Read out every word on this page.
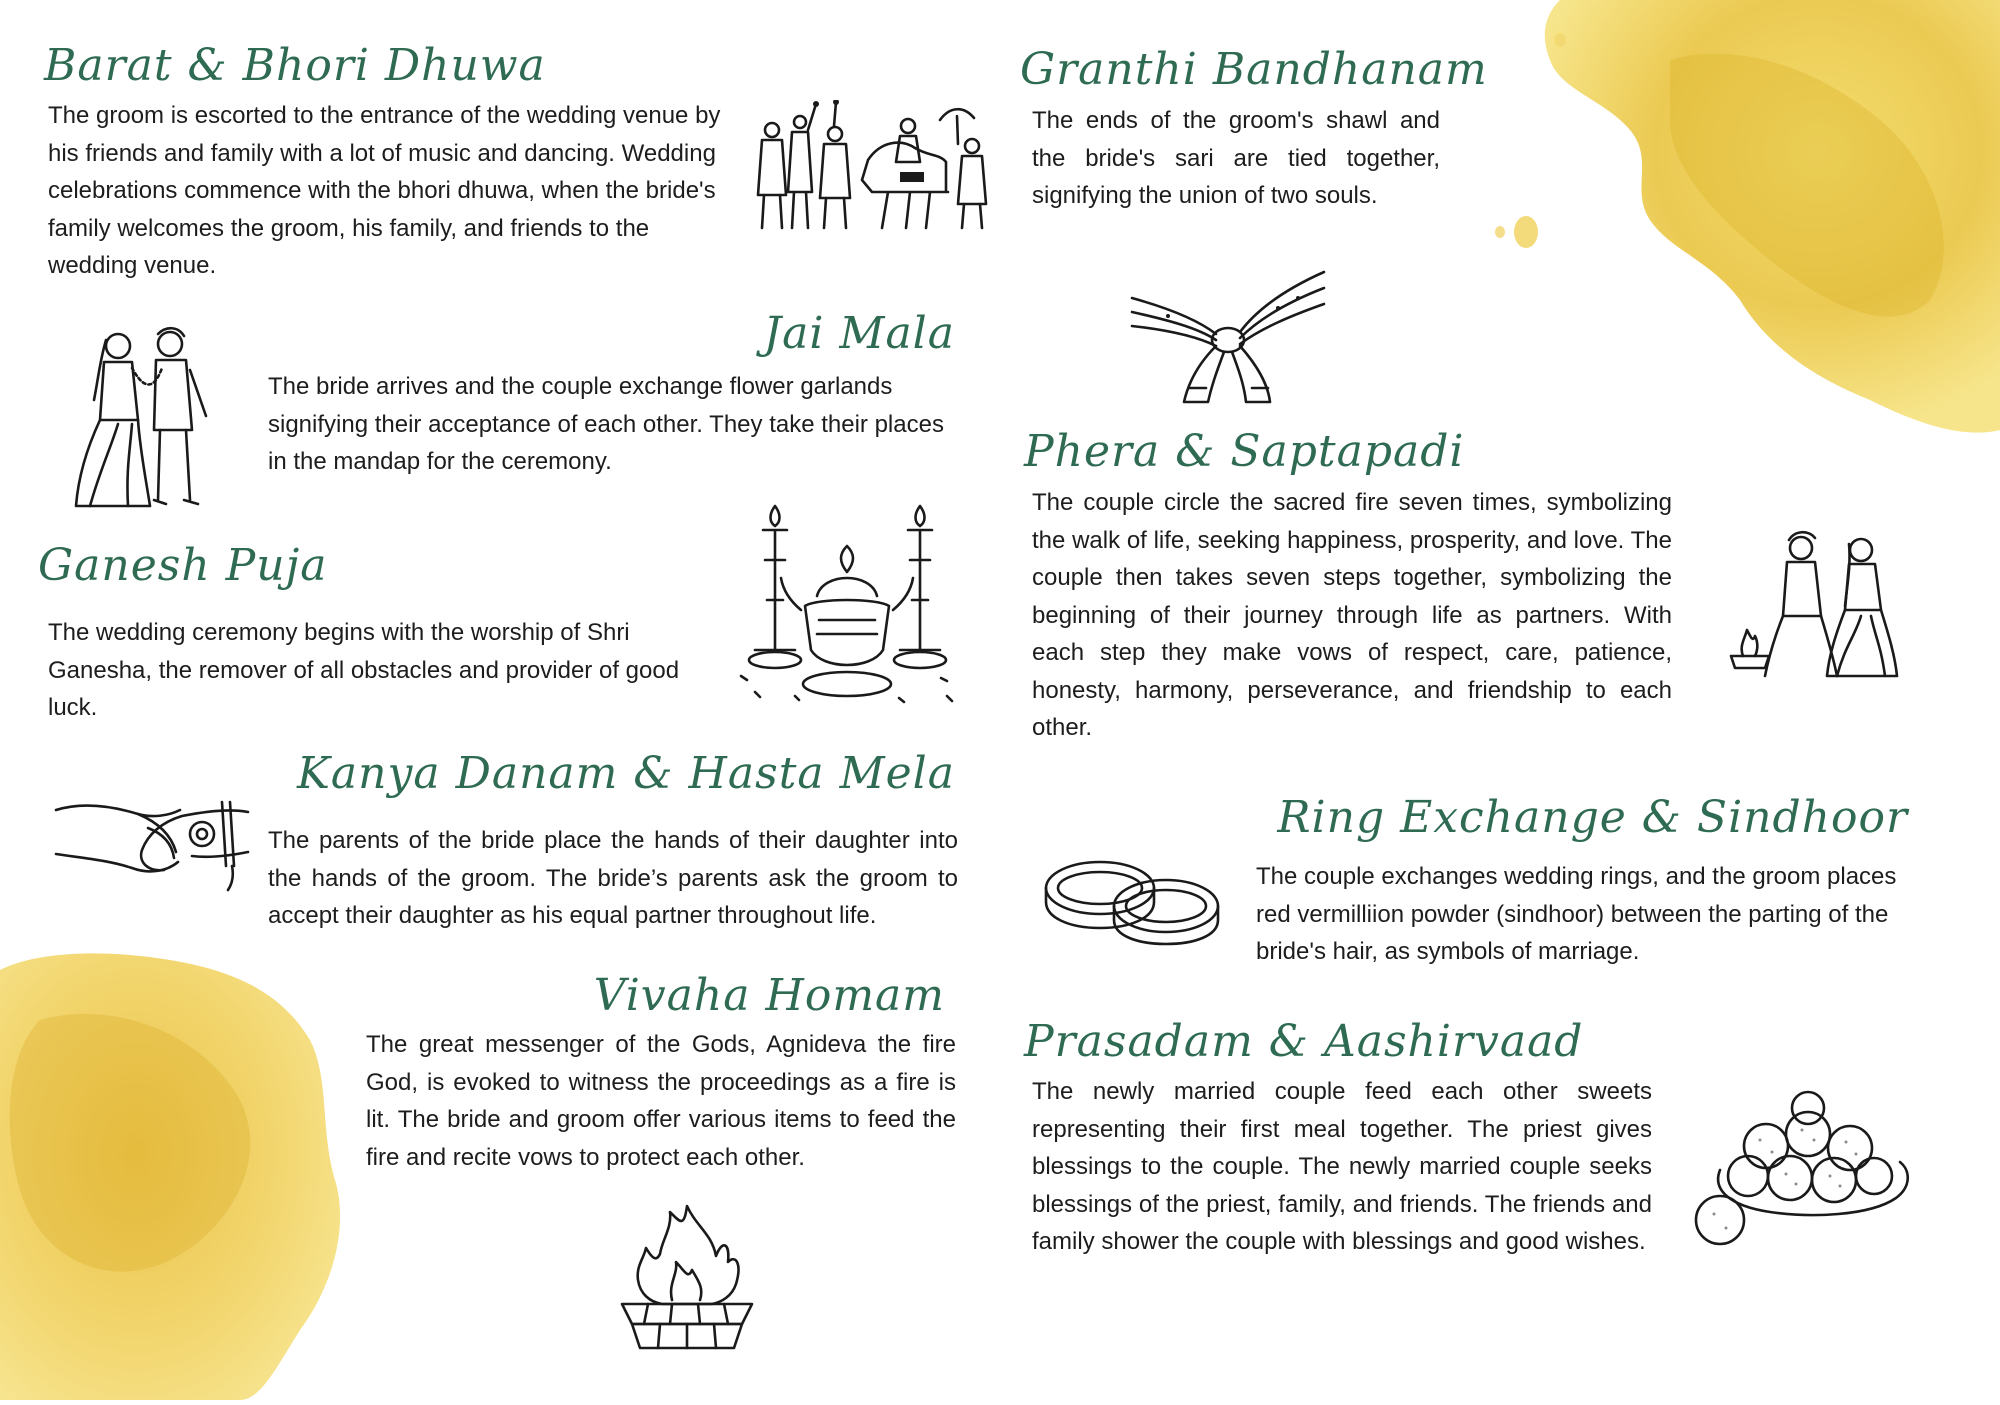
Barat & Bhori Dhuwa

The groom is escorted to the entrance of the wedding venue by his friends and family with a lot of music and dancing. Wedding celebrations commence with the bhori dhuwa, when the bride's family welcomes the groom, his family, and friends to the wedding venue.

Jai Mala

The bride arrives and the couple exchange flower garlands signifying their acceptance of each other. They take their places in the mandap for the ceremony.

Ganesh Puja

The wedding ceremony begins with the worship of Shri Ganesha, the remover of all obstacles and provider of good luck.

Kanya Danam & Hasta Mela

The parents of the bride place the hands of their daughter into the hands of the groom. The bride’s parents ask the groom to accept their daughter as his equal partner throughout life.

Vivaha Homam

The great messenger of the Gods, Agnideva the fire God, is evoked to witness the proceedings as a fire is lit. The bride and groom offer various items to feed the fire and recite vows to protect each other.

Granthi Bandhanam

The ends of the groom's shawl and the bride's sari are tied together, signifying the union of two souls.

Phera & Saptapadi

The couple circle the sacred fire seven times, symbolizing the walk of life, seeking happiness, prosperity, and love. The couple then takes seven steps together, symbolizing the beginning of their journey through life as partners. With each step they make vows of respect, care, patience, honesty, harmony, perseverance, and friendship to each other.

Ring Exchange & Sindhoor

The couple exchanges wedding rings, and the groom places red vermilliion powder (sindhoor) between the parting of the bride's hair, as symbols of marriage.

Prasadam & Aashirvaad

The newly married couple feed each other sweets representing their first meal together. The priest gives blessings to the couple. The newly married couple seeks blessings of the priest, family, and friends. The friends and family shower the couple with blessings and good wishes.
